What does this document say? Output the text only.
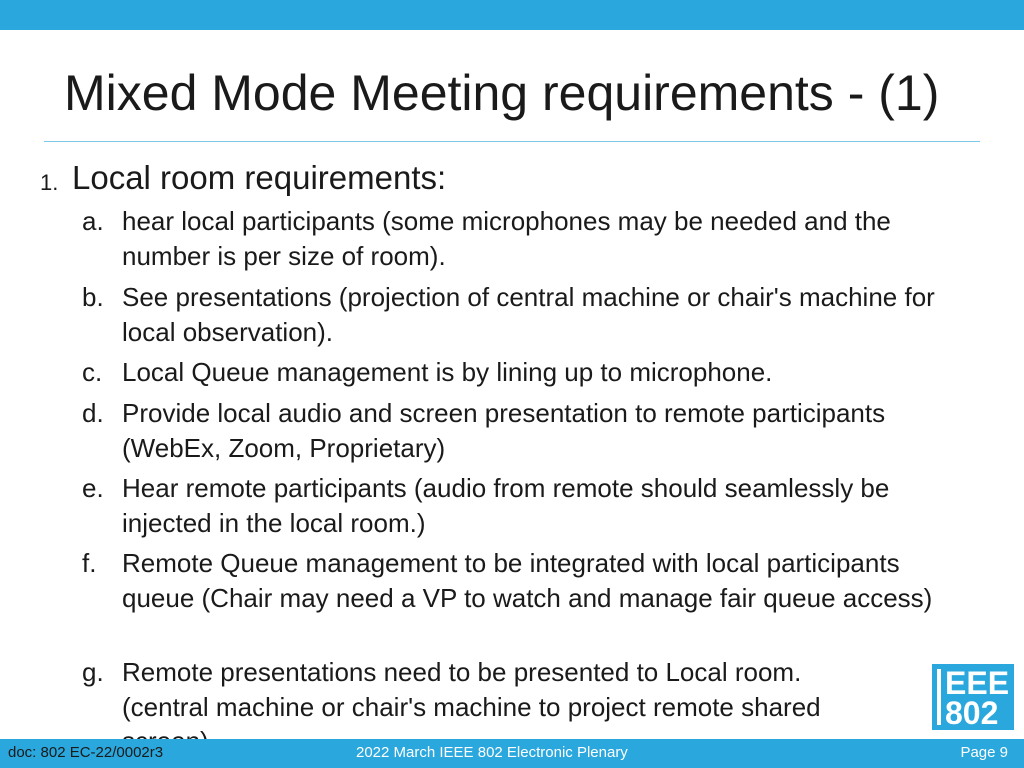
Mixed Mode Meeting requirements - (1)
1. Local room requirements:
a. hear local participants (some microphones may be needed and the number is per size of room).
b. See presentations (projection of central machine or chair's machine for local observation).
c. Local Queue management is by lining up to microphone.
d. Provide local audio and screen presentation to remote participants (WebEx, Zoom, Proprietary)
e. Hear remote participants (audio from remote should seamlessly be injected in the local room.)
f. Remote Queue management to be integrated with local participants queue (Chair may need a VP to watch and manage fair queue access)
g. Remote presentations need to be presented to Local room. (central machine or chair's machine to project remote shared
EEE
802
doc: 802 EC-22/0002r3	2022 March IEEE 802 Electronic Plenary	Page 9
